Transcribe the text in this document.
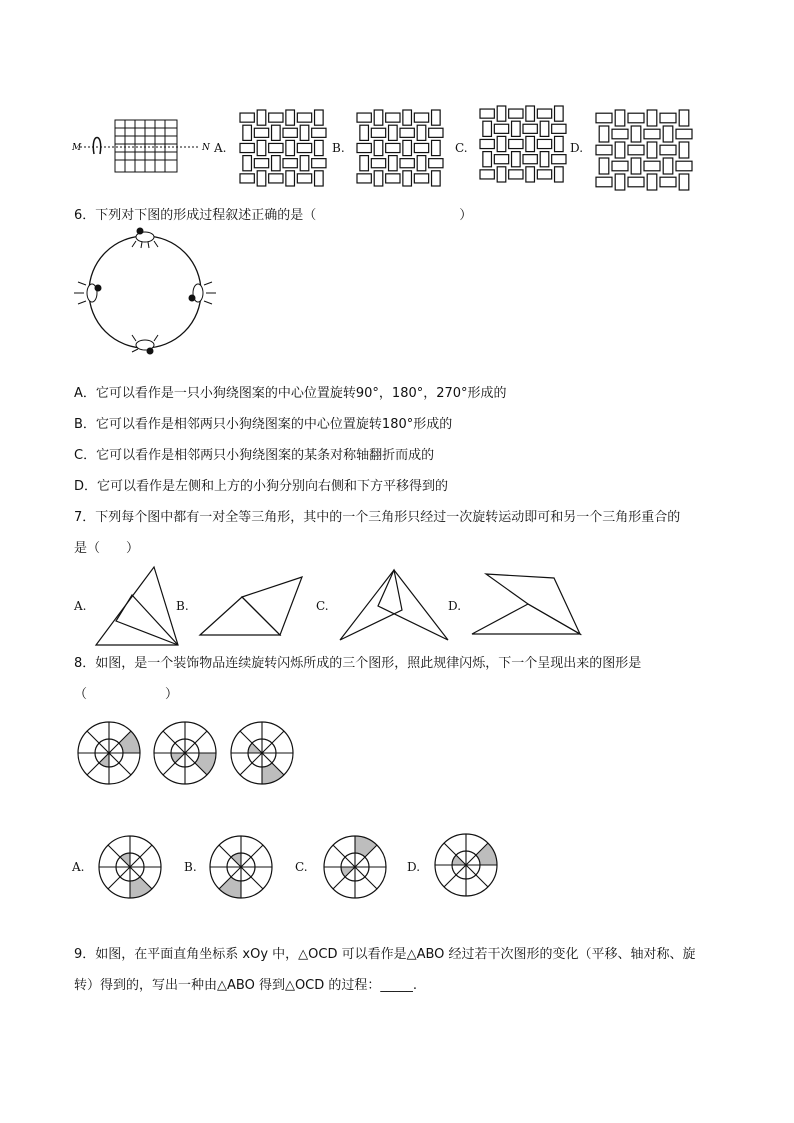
M	N A.	B.	C.	D.
6．下列对下图的形成过程叙述正确的是（　　　　　　　　　　　）
A．它可以看作是一只小狗绕图案的中心位置旋转90°，180°，270°形成的
B．它可以看作是相邻两只小狗绕图案的中心位置旋转180°形成的
C．它可以看作是相邻两只小狗绕图案的某条对称轴翻折而成的
D．它可以看作是左侧和上方的小狗分别向右侧和下方平移得到的
7．下列每个图中都有一对全等三角形，其中的一个三角形只经过一次旋转运动即可和另一个三角形重合的
是（　　）
A.	B.	C.	D.
8．如图，是一个装饰物品连续旋转闪烁所成的三个图形，照此规律闪烁，下一个呈现出来的图形是
（　　　　　　）
A.	B.	C.	D.
9．如图，在平面直角坐标系 xOy 中，△OCD 可以看作是△ABO 经过若干次图形的变化（平移、轴对称、旋
转）得到的，写出一种由△ABO 得到△OCD 的过程：_____.
